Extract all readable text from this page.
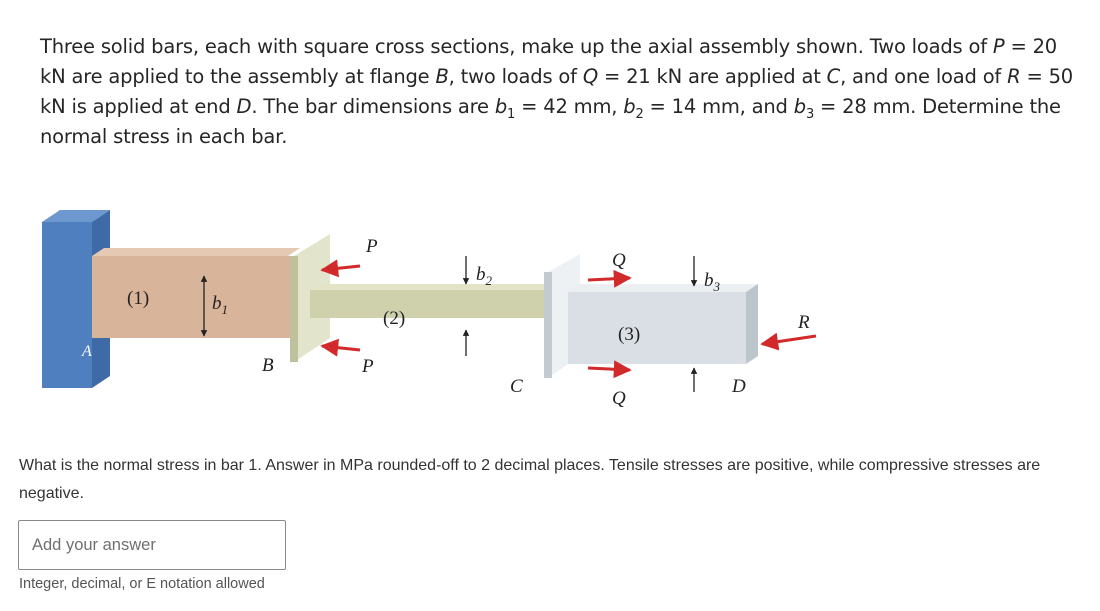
Three solid bars, each with square cross sections, make up the axial assembly shown. Two loads of P = 20 kN are applied to the assembly at flange B, two loads of Q = 21 kN are applied at C, and one load of R = 50 kN is applied at end D. The bar dimensions are $b_1 = 42$ mm, $b_2 = 14$ mm, and $b_3 = 28$ mm. Determine the normal stress in each bar.

A
(1)	$b_1$
B
(2)
$b_2$
C
(3)
$b_3$
D
P
P
Q
Q
R
What is the normal stress in bar 1. Answer in MPa rounded-off to 2 decimal places. Tensile stresses are positive, while compressive stresses are negative.
Add your answer
Integer, decimal, or E notation allowed
